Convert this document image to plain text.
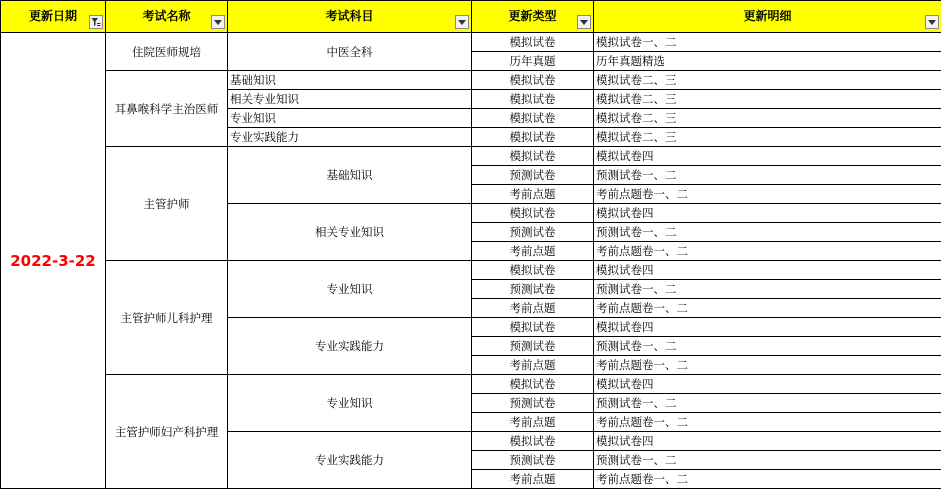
更新日期	考试名称	考试科目	更新类型	更新明细

2022-3-22	住院医师规培	中医全科	模拟试卷	模拟试卷一、二
			历年真题	历年真题精选
	耳鼻喉科学主治医师	基础知识	模拟试卷	模拟试卷二、三
		相关专业知识	模拟试卷	模拟试卷二、三
		专业知识	模拟试卷	模拟试卷二、三
		专业实践能力	模拟试卷	模拟试卷二、三
	主管护师	基础知识	模拟试卷	模拟试卷四
			预测试卷	预测试卷一、二
			考前点题	考前点题卷一、二
		相关专业知识	模拟试卷	模拟试卷四
			预测试卷	预测试卷一、二
			考前点题	考前点题卷一、二
	主管护师儿科护理	专业知识	模拟试卷	模拟试卷四
			预测试卷	预测试卷一、二
			考前点题	考前点题卷一、二
		专业实践能力	模拟试卷	模拟试卷四
			预测试卷	预测试卷一、二
			考前点题	考前点题卷一、二
	主管护师妇产科护理	专业知识	模拟试卷	模拟试卷四
			预测试卷	预测试卷一、二
			考前点题	考前点题卷一、二
		专业实践能力	模拟试卷	模拟试卷四
			预测试卷	预测试卷一、二
			考前点题	考前点题卷一、二
